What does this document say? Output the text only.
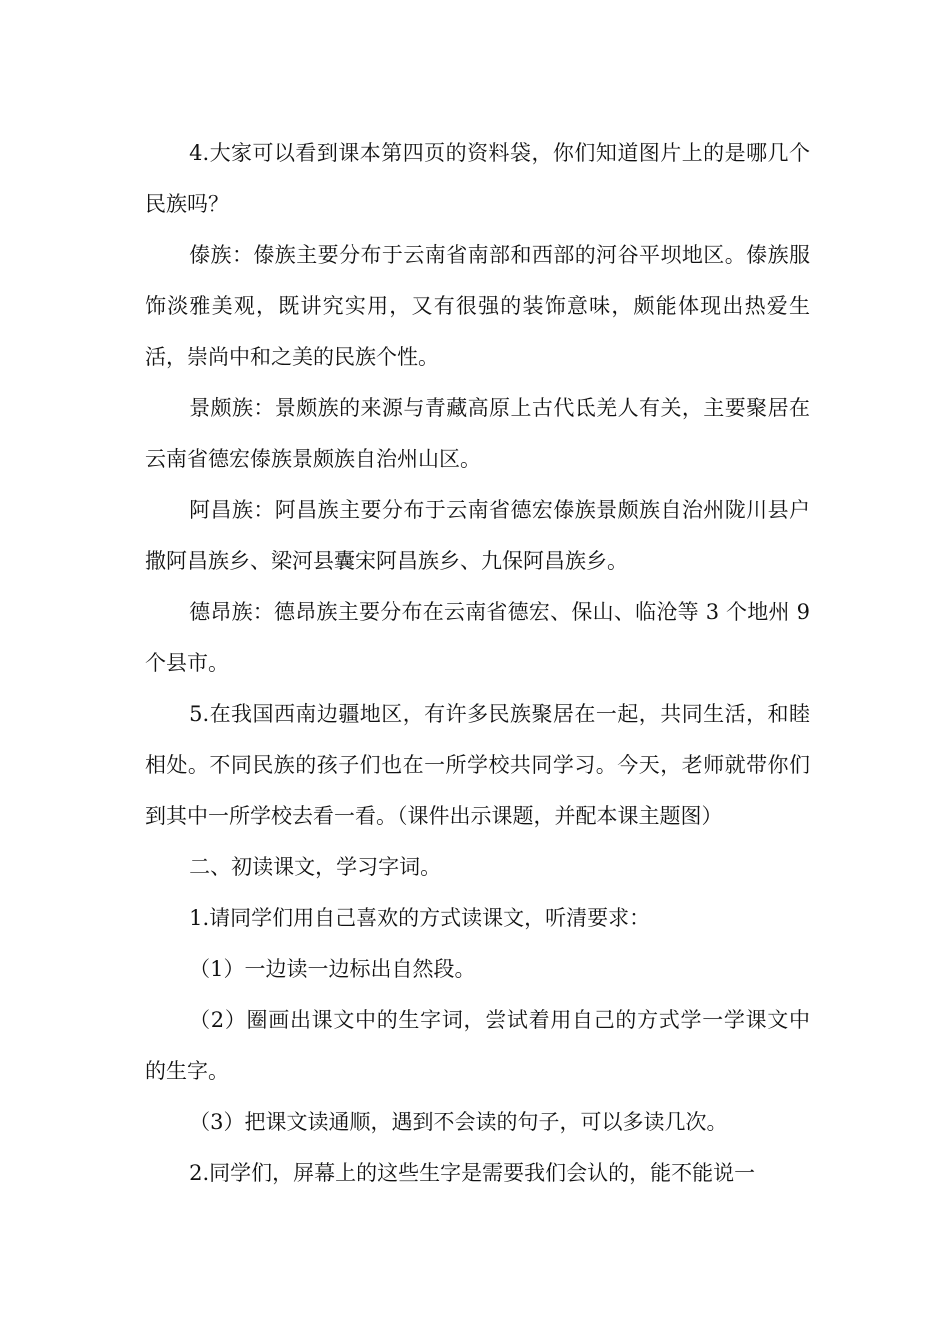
4.大家可以看到课本第四页的资料袋，你们知道图片上的是哪几个民族吗？

傣族：傣族主要分布于云南省南部和西部的河谷平坝地区。傣族服饰淡雅美观，既讲究实用，又有很强的装饰意味，颇能体现出热爱生活，崇尚中和之美的民族个性。

景颇族：景颇族的来源与青藏高原上古代氐羌人有关，主要聚居在云南省德宏傣族景颇族自治州山区。

阿昌族：阿昌族主要分布于云南省德宏傣族景颇族自治州陇川县户撒阿昌族乡、梁河县囊宋阿昌族乡、九保阿昌族乡。

德昂族：德昂族主要分布在云南省德宏、保山、临沧等 3 个地州 9 个县市。

5.在我国西南边疆地区，有许多民族聚居在一起，共同生活，和睦相处。不同民族的孩子们也在一所学校共同学习。今天，老师就带你们到其中一所学校去看一看。（课件出示课题，并配本课主题图）

二、初读课文，学习字词。

1.请同学们用自己喜欢的方式读课文，听清要求：

（1）一边读一边标出自然段。

（2）圈画出课文中的生字词，尝试着用自己的方式学一学课文中的生字。

（3）把课文读通顺，遇到不会读的句子，可以多读几次。

2.同学们，屏幕上的这些生字是需要我们会认的，能不能说一
